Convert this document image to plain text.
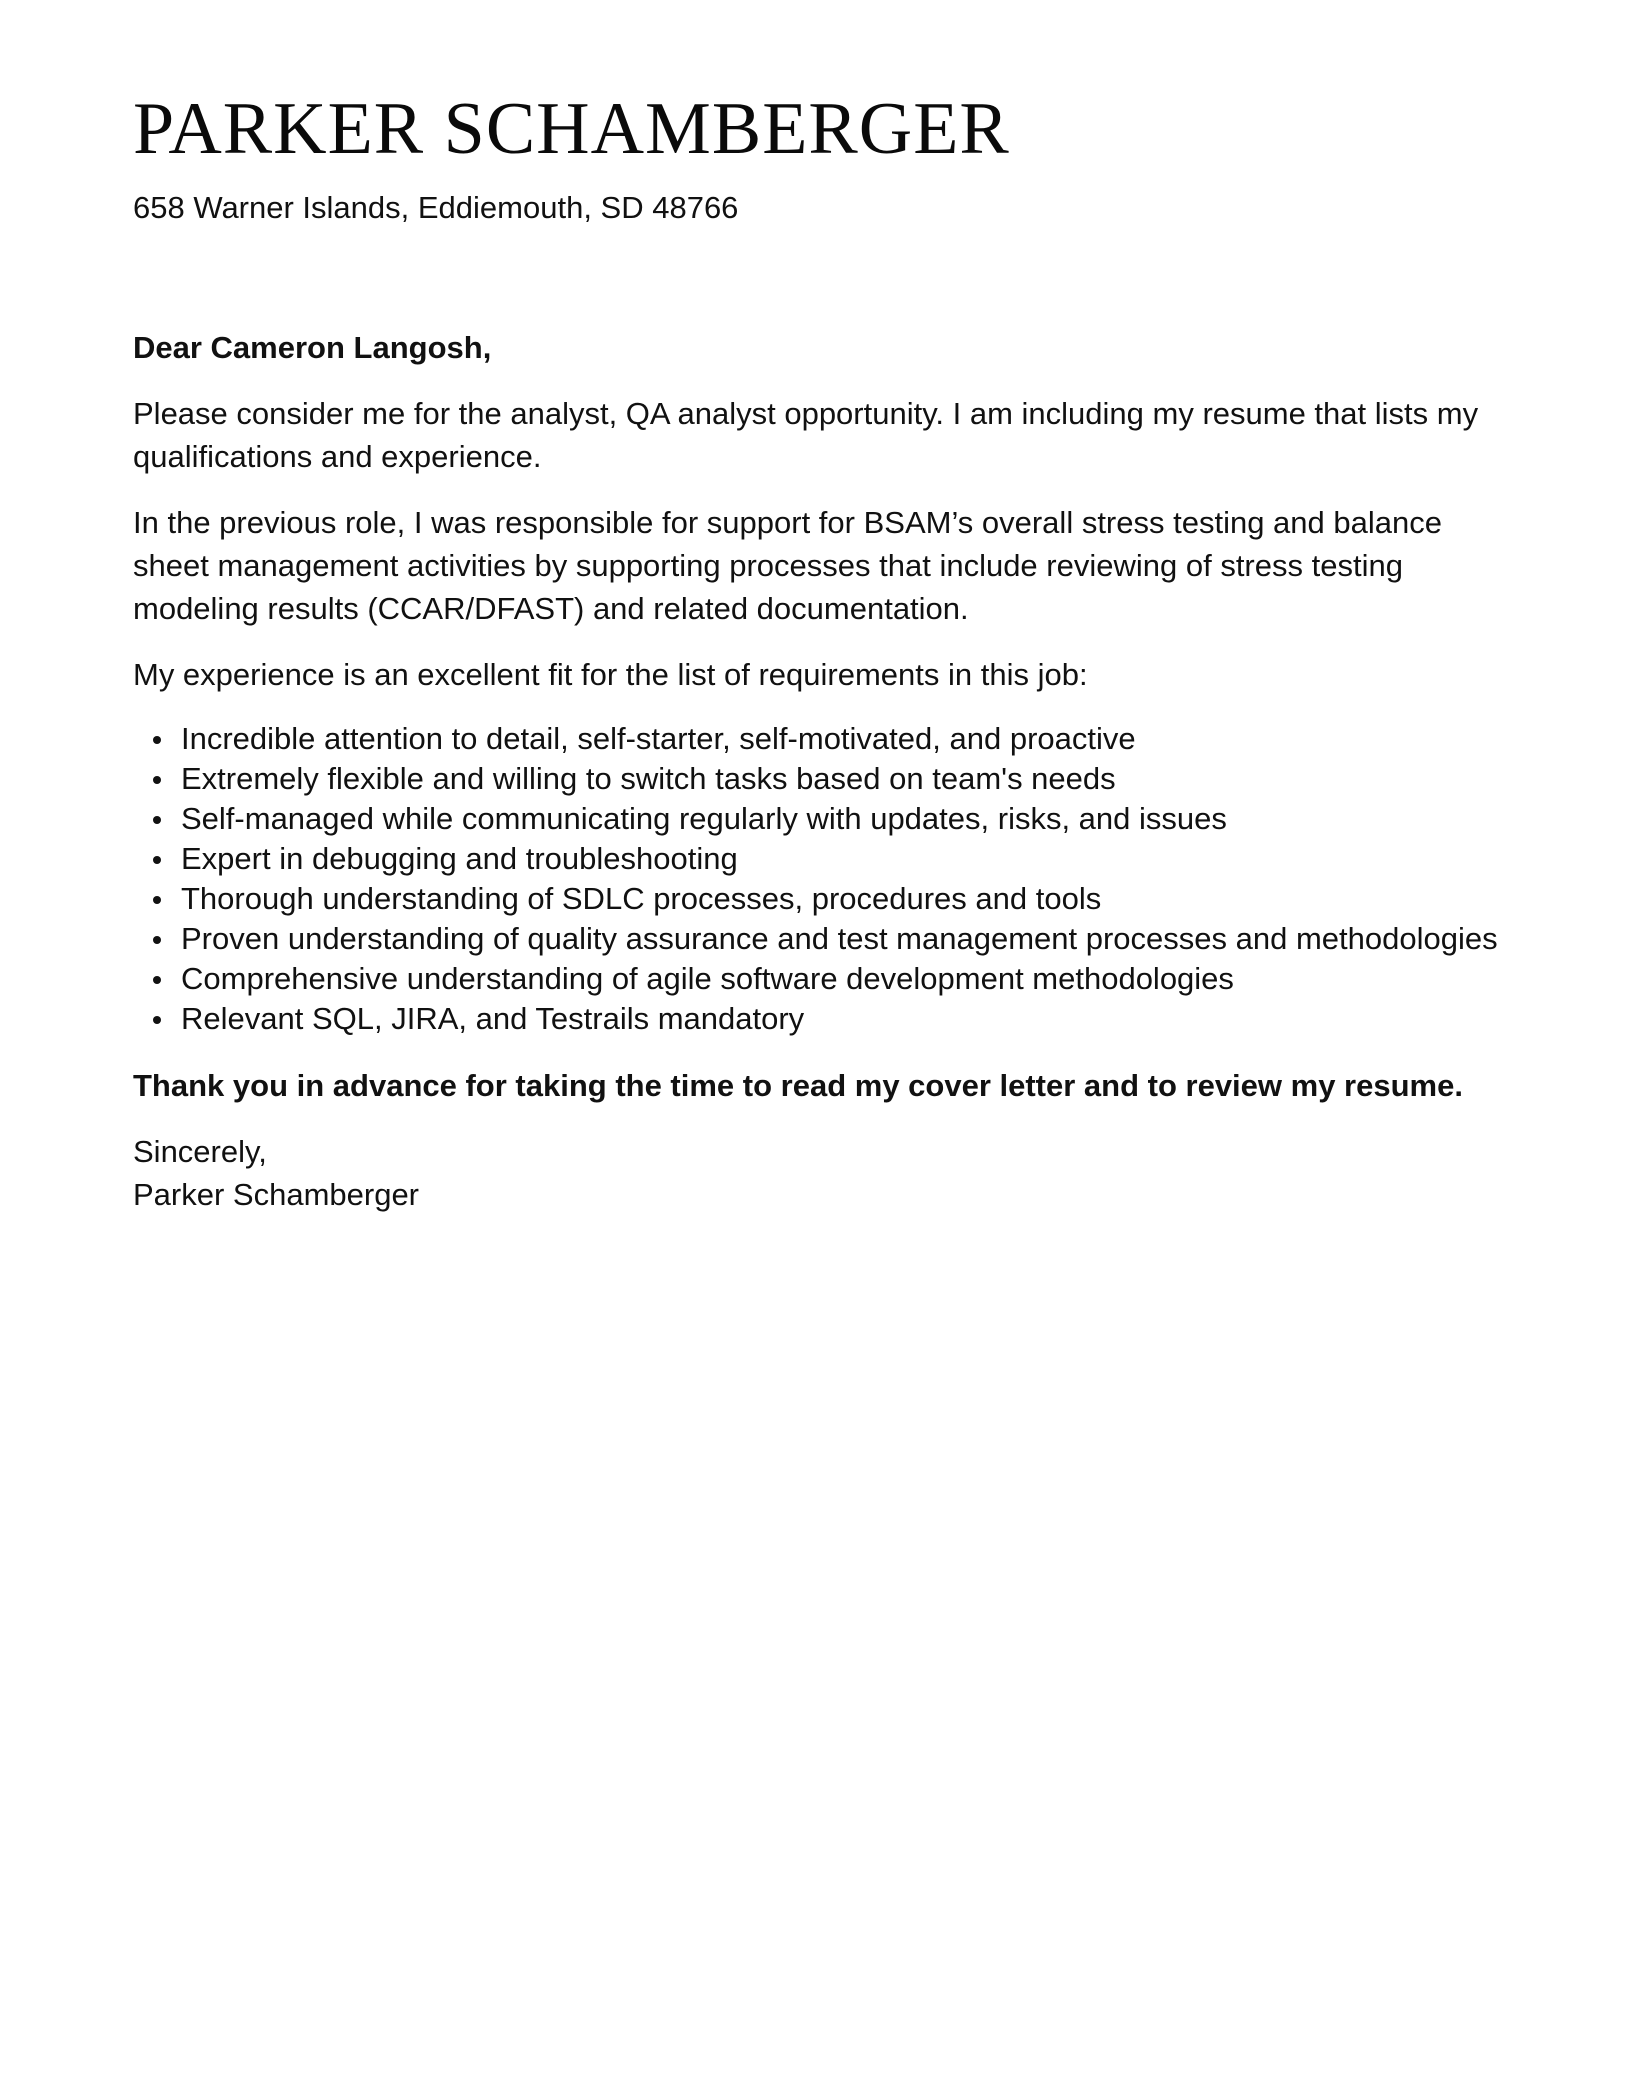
PARKER SCHAMBERGER
658 Warner Islands, Eddiemouth, SD 48766

Dear Cameron Langosh,

Please consider me for the analyst, QA analyst opportunity. I am including my resume that lists my qualifications and experience.

In the previous role, I was responsible for support for BSAM’s overall stress testing and balance sheet management activities by supporting processes that include reviewing of stress testing modeling results (CCAR/DFAST) and related documentation.

My experience is an excellent fit for the list of requirements in this job:

Incredible attention to detail, self-starter, self-motivated, and proactive
Extremely flexible and willing to switch tasks based on team's needs
Self-managed while communicating regularly with updates, risks, and issues
Expert in debugging and troubleshooting
Thorough understanding of SDLC processes, procedures and tools
Proven understanding of quality assurance and test management processes and methodologies
Comprehensive understanding of agile software development methodologies
Relevant SQL, JIRA, and Testrails mandatory

Thank you in advance for taking the time to read my cover letter and to review my resume.

Sincerely,

Parker Schamberger
